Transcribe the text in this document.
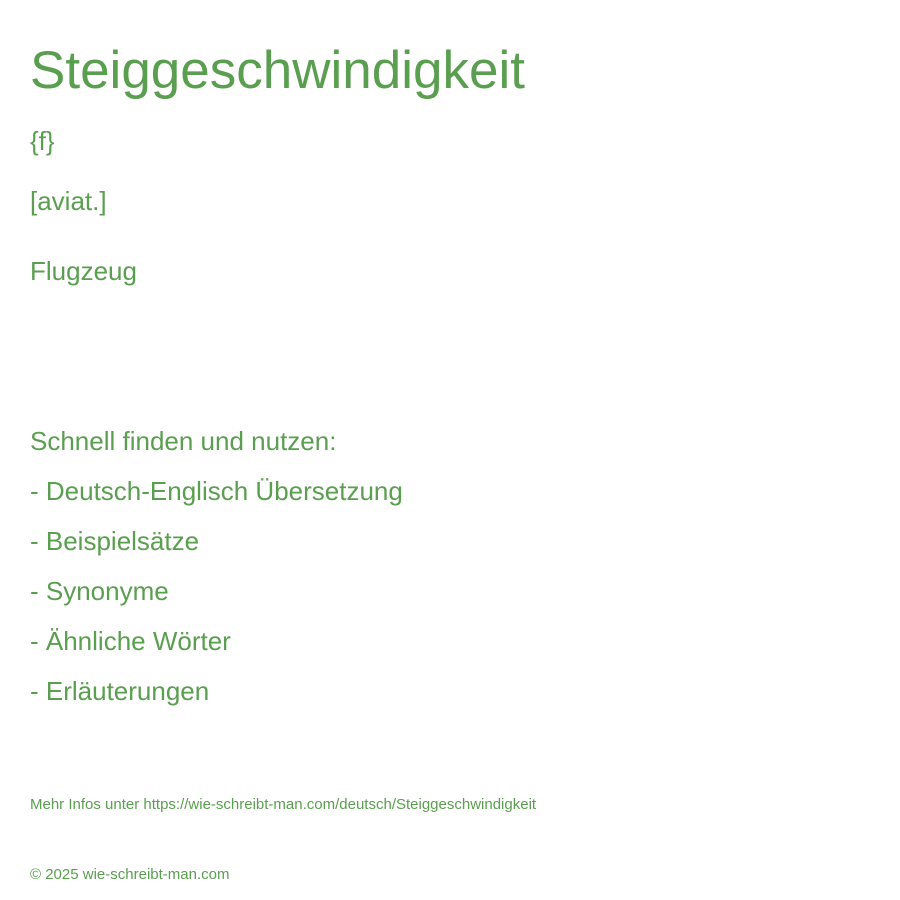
Steiggeschwindigkeit
{f}
[aviat.]
Flugzeug
Schnell finden und nutzen:
- Deutsch-Englisch Übersetzung
- Beispielsätze
- Synonyme
- Ähnliche Wörter
- Erläuterungen
Mehr Infos unter https://wie-schreibt-man.com/deutsch/Steiggeschwindigkeit
© 2025 wie-schreibt-man.com
